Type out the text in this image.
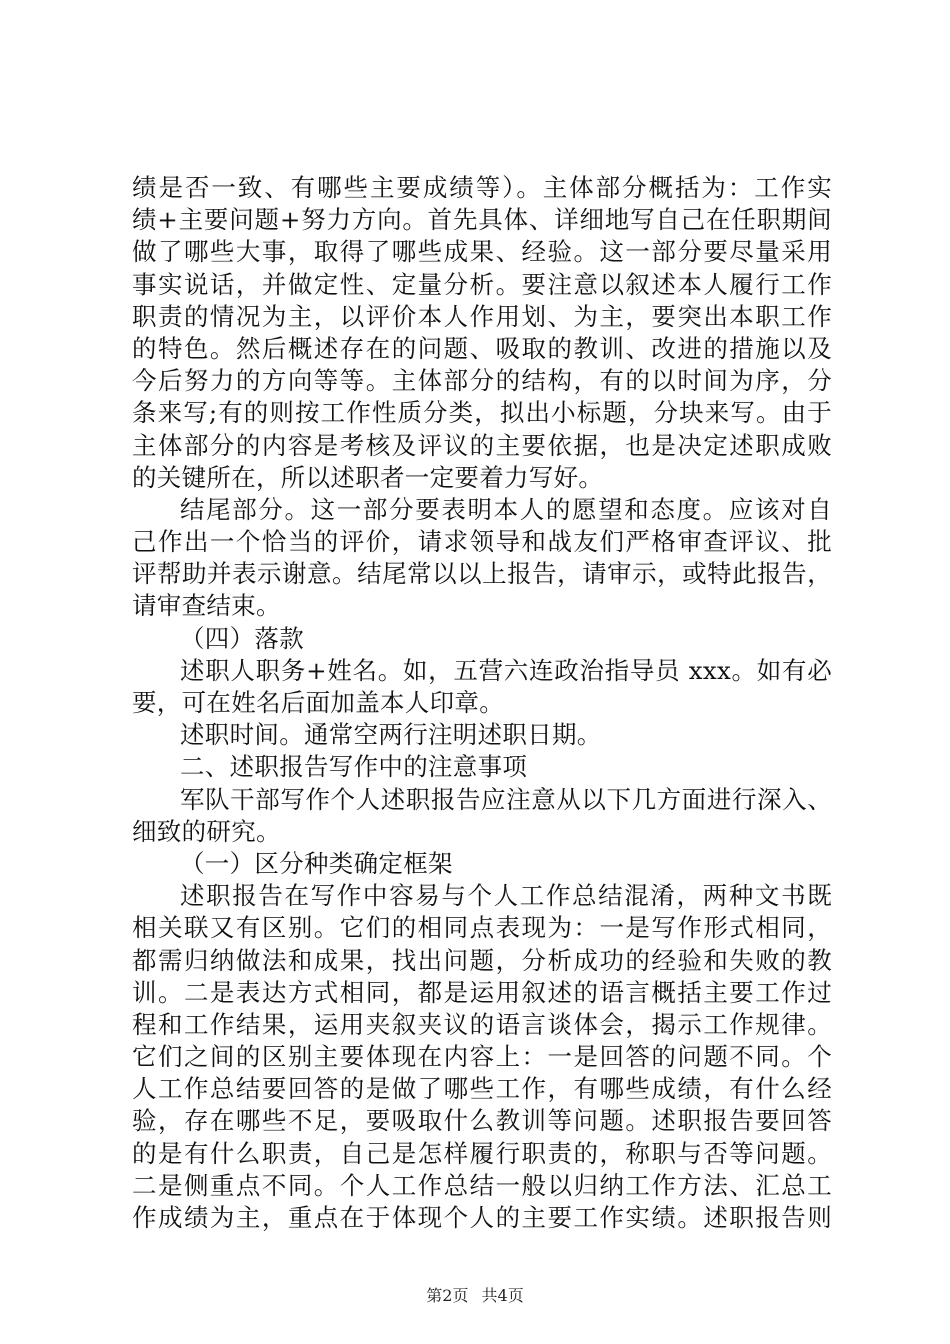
绩是否一致、有哪些主要成绩等）。主体部分概括为：工作实
绩+主要问题+努力方向。首先具体、详细地写自己在任职期间
做了哪些大事，取得了哪些成果、经验。这一部分要尽量采用
事实说话，并做定性、定量分析。要注意以叙述本人履行工作
职责的情况为主，以评价本人作用划、为主，要突出本职工作
的特色。然后概述存在的问题、吸取的教训、改进的措施以及
今后努力的方向等等。主体部分的结构，有的以时间为序，分
条来写;有的则按工作性质分类，拟出小标题，分块来写。由于
主体部分的内容是考核及评议的主要依据，也是决定述职成败
的关键所在，所以述职者一定要着力写好。
结尾部分。这一部分要表明本人的愿望和态度。应该对自
己作出一个恰当的评价，请求领导和战友们严格审查评议、批
评帮助并表示谢意。结尾常以以上报告，请审示，或特此报告，
请审查结束。
（四）落款
述职人职务+姓名。如，五营六连政治指导员 xxx。如有必
要，可在姓名后面加盖本人印章。
述职时间。通常空两行注明述职日期。
二、述职报告写作中的注意事项
军队干部写作个人述职报告应注意从以下几方面进行深入、
细致的研究。
（一）区分种类确定框架
述职报告在写作中容易与个人工作总结混淆，两种文书既
相关联又有区别。它们的相同点表现为：一是写作形式相同，
都需归纳做法和成果，找出问题，分析成功的经验和失败的教
训。二是表达方式相同，都是运用叙述的语言概括主要工作过
程和工作结果，运用夹叙夹议的语言谈体会，揭示工作规律。
它们之间的区别主要体现在内容上：一是回答的问题不同。个
人工作总结要回答的是做了哪些工作，有哪些成绩，有什么经
验，存在哪些不足，要吸取什么教训等问题。述职报告要回答
的是有什么职责，自己是怎样履行职责的，称职与否等问题。
二是侧重点不同。个人工作总结一般以归纳工作方法、汇总工
作成绩为主，重点在于体现个人的主要工作实绩。述职报告则
第2页 共4页
